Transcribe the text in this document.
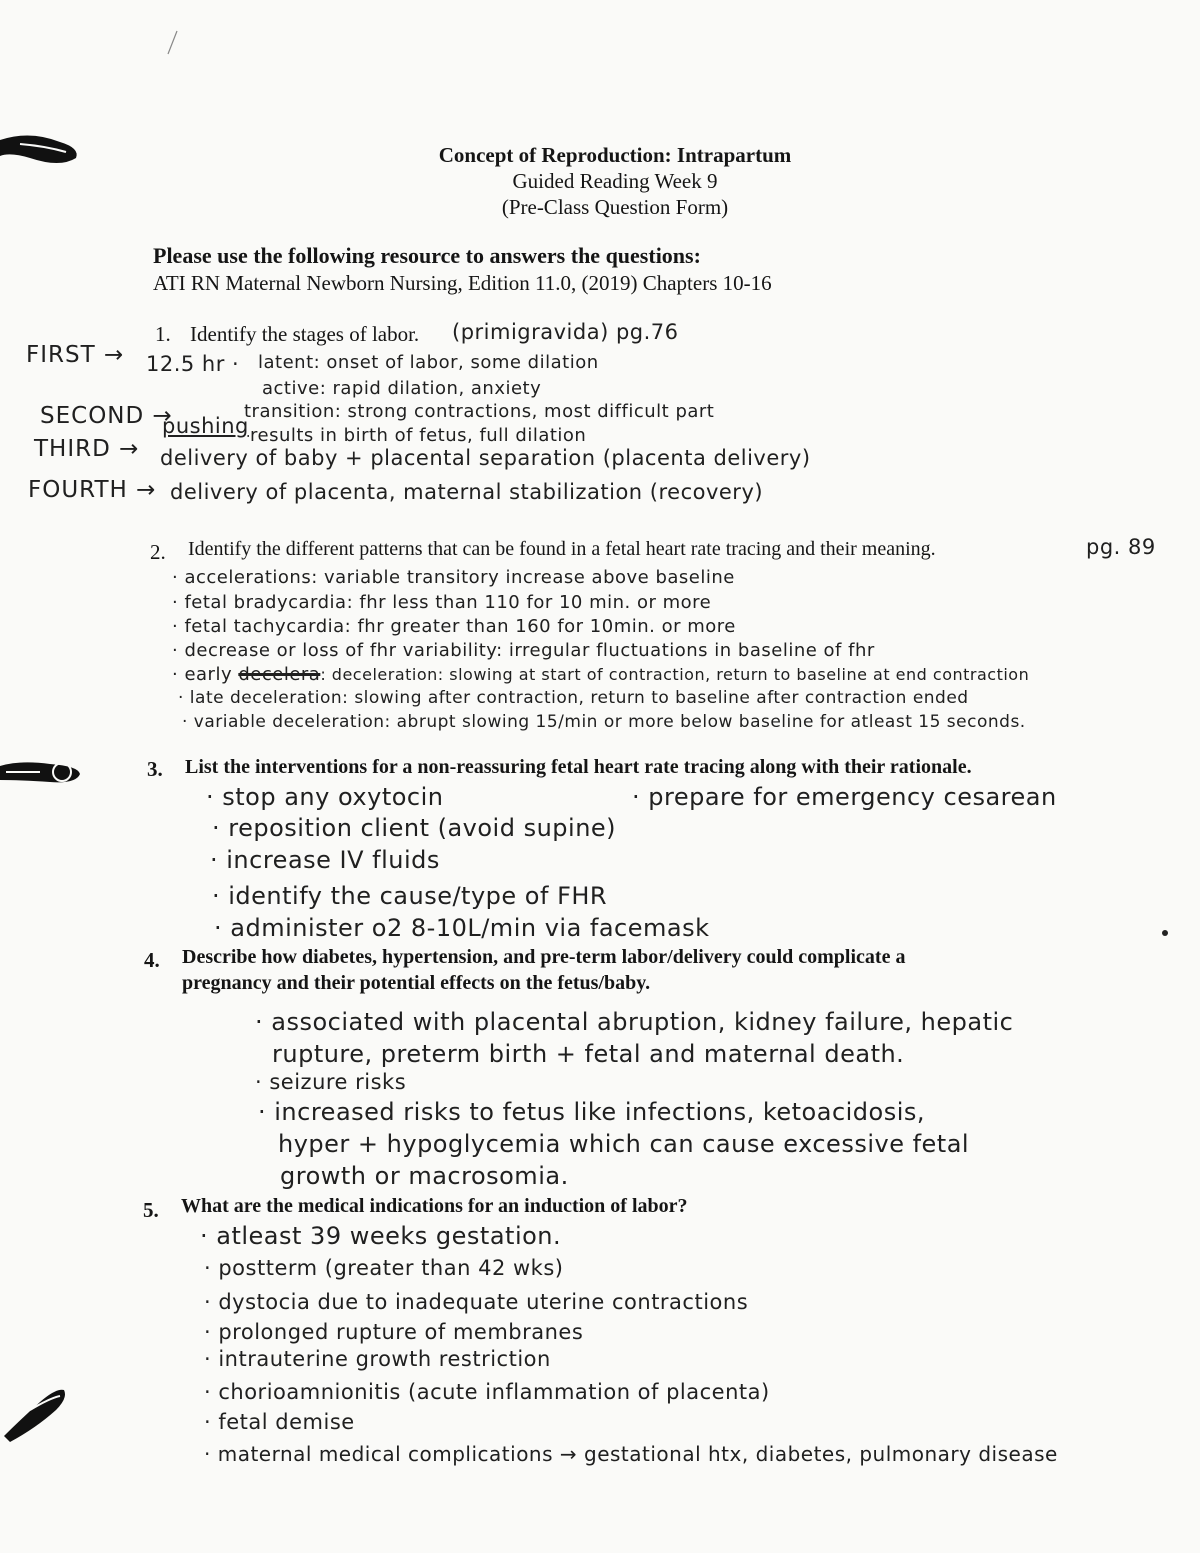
Concept of Reproduction: Intrapartum
Guided Reading Week 9
(Pre-Class Question Form)
Please use the following resource to answers the questions:
ATI RN Maternal Newborn Nursing, Edition 11.0, (2019) Chapters 10-16
1. Identify the stages of labor. (primigravida) pg.76
FIRST → 12.5 hr · latent: onset of labor, some dilation
active: rapid dilation, anxiety
transition: strong contractions, most difficult part
SECOND →
pushing results in birth of fetus, full dilation
THIRD → delivery of baby + placental separation (placenta delivery)
FOURTH → delivery of placenta, maternal stabilization (recovery)
2. Identify the different patterns that can be found in a fetal heart rate tracing and their meaning.	pg. 89
· accelerations: variable transitory increase above baseline
· fetal bradycardia: fhr less than 110 for 10 min. or more
· fetal tachycardia: fhr greater than 160 for 10min. or more
· decrease or loss of fhr variability: irregular fluctuations in baseline of fhr
· early decelera: deceleration: slowing at start of contraction, return to baseline at end contraction
· late deceleration: slowing after contraction, return to baseline after contraction ended
· variable deceleration: abrupt slowing 15/min or more below baseline for atleast 15 seconds.
3. List the interventions for a non-reassuring fetal heart rate tracing along with their rationale.
· stop any oxytocin
· reposition client (avoid supine)
· increase IV fluids
· identify the cause/type of FHR
· administer o2 8-10L/min via facemask
· prepare for emergency cesarean
4. Describe how diabetes, hypertension, and pre-term labor/delivery could complicate a
pregnancy and their potential effects on the fetus/baby.
· associated with placental abruption, kidney failure, hepatic
rupture, preterm birth + fetal and maternal death.
· seizure risks
· increased risks to fetus like infections, ketoacidosis,
hyper + hypoglycemia which can cause excessive fetal
growth or macrosomia.
5. What are the medical indications for an induction of labor?
· atleast 39 weeks gestation.
· postterm (greater than 42 wks)
· dystocia due to inadequate uterine contractions
· prolonged rupture of membranes
· intrauterine growth restriction
· chorioamnionitis (acute inflammation of placenta)
· fetal demise
· maternal medical complications → gestational htx, diabetes, pulmonary disease
